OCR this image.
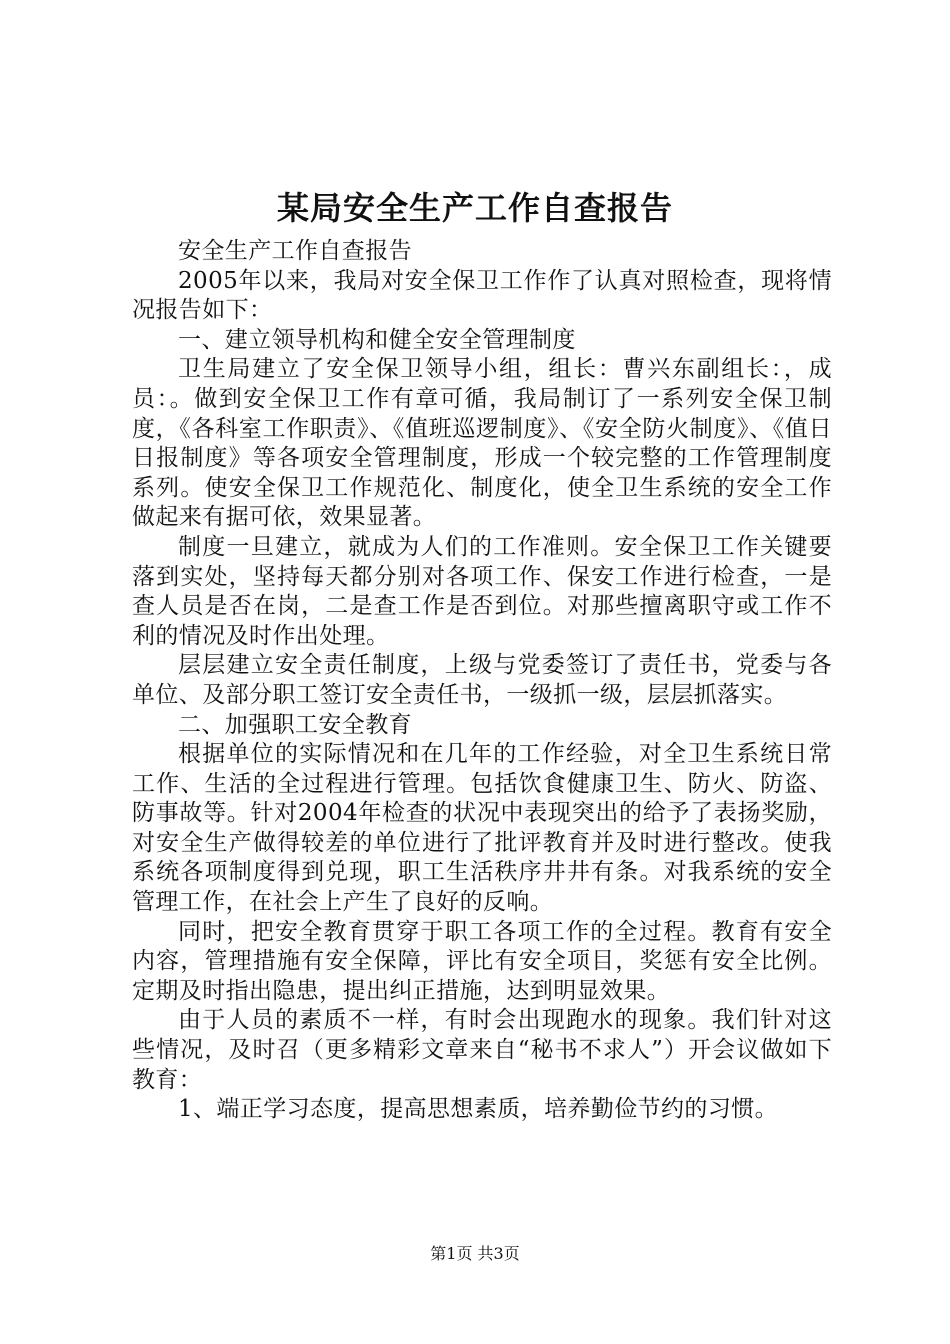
某局安全生产工作自查报告

安全生产工作自查报告

2005年以来，我局对安全保卫工作作了认真对照检查，现将情况报告如下：

一、建立领导机构和健全安全管理制度

卫生局建立了安全保卫领导小组，组长：曹兴东副组长：，成员：。做到安全保卫工作有章可循，我局制订了一系列安全保卫制度，《各科室工作职责》、《值班巡逻制度》、《安全防火制度》、《值日日报制度》等各项安全管理制度，形成一个较完整的工作管理制度系列。使安全保卫工作规范化、制度化，使全卫生系统的安全工作做起来有据可依，效果显著。

制度一旦建立，就成为人们的工作准则。安全保卫工作关键要落到实处，坚持每天都分别对各项工作、保安工作进行检查，一是查人员是否在岗，二是查工作是否到位。对那些擅离职守或工作不利的情况及时作出处理。

层层建立安全责任制度，上级与党委签订了责任书，党委与各单位、及部分职工签订安全责任书，一级抓一级，层层抓落实。

二、加强职工安全教育

根据单位的实际情况和在几年的工作经验，对全卫生系统日常工作、生活的全过程进行管理。包括饮食健康卫生、防火、防盗、防事故等。针对2004年检查的状况中表现突出的给予了表扬奖励，对安全生产做得较差的单位进行了批评教育并及时进行整改。使我系统各项制度得到兑现，职工生活秩序井井有条。对我系统的安全管理工作，在社会上产生了良好的反响。

同时，把安全教育贯穿于职工各项工作的全过程。教育有安全内容，管理措施有安全保障，评比有安全项目，奖惩有安全比例。定期及时指出隐患，提出纠正措施，达到明显效果。

由于人员的素质不一样，有时会出现跑水的现象。我们针对这些情况，及时召（更多精彩文章来自“秘书不求人”）开会议做如下教育：

1、端正学习态度，提高思想素质，培养勤俭节约的习惯。

第1页 共3页
